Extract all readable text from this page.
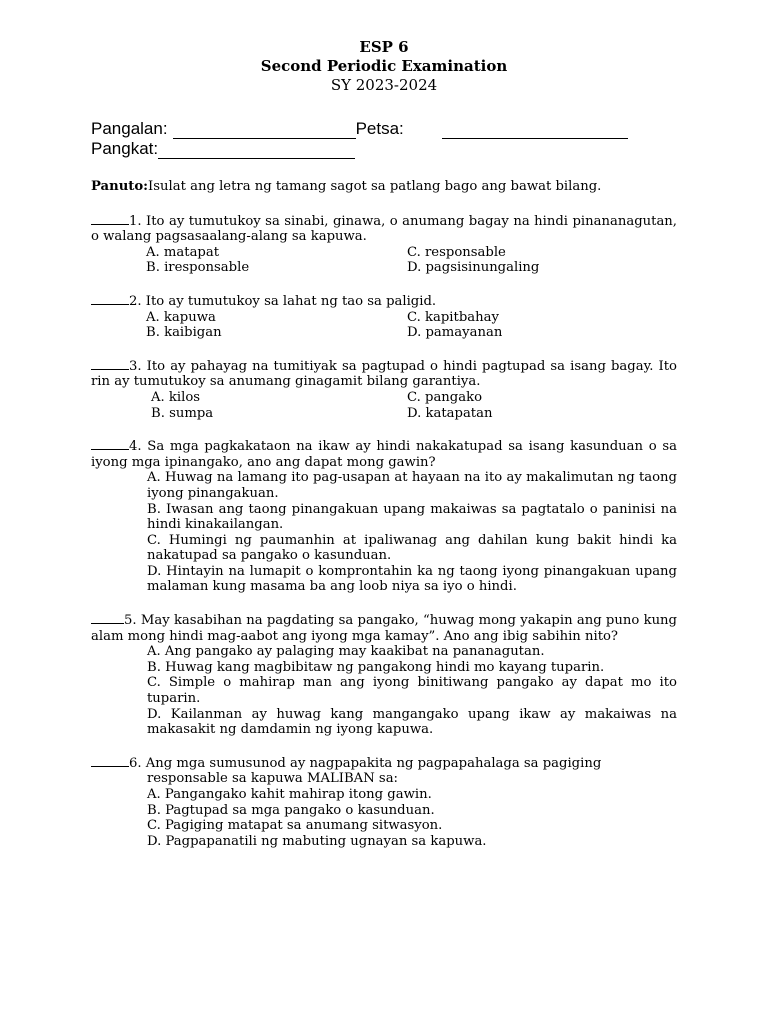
ESP 6
Second Periodic Examination
SY 2023-2024
Pangalan:	Petsa:
Pangkat:
Panuto:Isulat ang letra ng tamang sagot sa patlang bago ang bawat bilang.
1. Ito ay tumutukoy sa sinabi, ginawa, o anumang bagay na hindi pinananagutan, o walang pagsasaalang-alang sa kapuwa.
A. matapat	C. responsable
B. iresponsable	D. pagsisinungaling
2. Ito ay tumutukoy sa lahat ng tao sa paligid.
A. kapuwa	C. kapitbahay
B. kaibigan	D. pamayanan
3. Ito ay pahayag na tumitiyak sa pagtupad o hindi pagtupad sa isang bagay. Ito rin ay tumutukoy sa anumang ginagamit bilang garantiya.
A. kilos	C. pangako
B. sumpa	D. katapatan
4. Sa mga pagkakataon na ikaw ay hindi nakakatupad sa isang kasunduan o sa iyong mga ipinangako, ano ang dapat mong gawin?
A. Huwag na lamang ito pag-usapan at hayaan na ito ay makalimutan ng taong iyong pinangakuan.
B. Iwasan ang taong pinangakuan upang makaiwas sa pagtatalo o paninisi na hindi kinakailangan.
C. Humingi ng paumanhin at ipaliwanag ang dahilan kung bakit hindi ka nakatupad sa pangako o kasunduan.
D. Hintayin na lumapit o komprontahin ka ng taong iyong pinangakuan upang malaman kung masama ba ang loob niya sa iyo o hindi.
5. May kasabihan na pagdating sa pangako, “huwag mong yakapin ang puno kung alam mong hindi mag-aabot ang iyong mga kamay”. Ano ang ibig sabihin nito?
A. Ang pangako ay palaging may kaakibat na pananagutan.
B. Huwag kang magbibitaw ng pangakong hindi mo kayang tuparin.
C. Simple o mahirap man ang iyong binitiwang pangako ay dapat mo ito tuparin.
D. Kailanman ay huwag kang mangangako upang ikaw ay makaiwas na makasakit ng damdamin ng iyong kapuwa.
6. Ang mga sumusunod ay nagpapakita ng pagpapahalaga sa pagiging
responsable sa kapuwa MALIBAN sa:
A. Pangangako kahit mahirap itong gawin.
B. Pagtupad sa mga pangako o kasunduan.
C. Pagiging matapat sa anumang sitwasyon.
D. Pagpapanatili ng mabuting ugnayan sa kapuwa.
